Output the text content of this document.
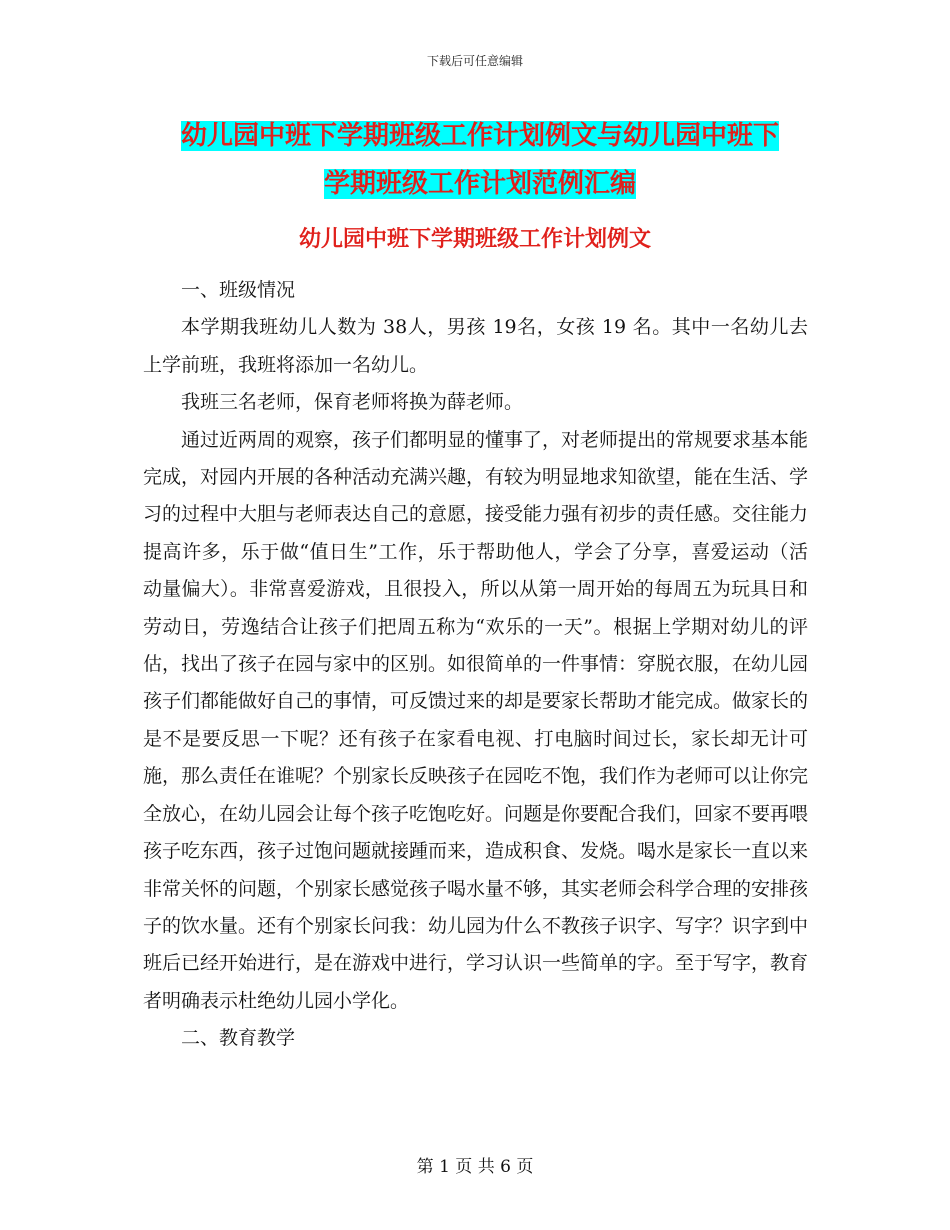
下载后可任意编辑
幼儿园中班下学期班级工作计划例文与幼儿园中班下
学期班级工作计划范例汇编
幼儿园中班下学期班级工作计划例文

一、班级情况

本学期我班幼儿人数为 38人，男孩 19名，女孩 19 名。其中一名幼儿去上学前班，我班将添加一名幼儿。

我班三名老师，保育老师将换为薛老师。

通过近两周的观察，孩子们都明显的懂事了，对老师提出的常规要求基本能完成，对园内开展的各种活动充满兴趣，有较为明显地求知欲望，能在生活、学习的过程中大胆与老师表达自己的意愿，接受能力强有初步的责任感。交往能力提高许多，乐于做“值日生”工作，乐于帮助他人，学会了分享，喜爱运动（活动量偏大）。非常喜爱游戏，且很投入，所以从第一周开始的每周五为玩具日和劳动日，劳逸结合让孩子们把周五称为“欢乐的一天”。根据上学期对幼儿的评估，找出了孩子在园与家中的区别。如很简单的一件事情：穿脱衣服，在幼儿园孩子们都能做好自己的事情，可反馈过来的却是要家长帮助才能完成。做家长的是不是要反思一下呢？还有孩子在家看电视、打电脑时间过长，家长却无计可施，那么责任在谁呢？个别家长反映孩子在园吃不饱，我们作为老师可以让你完全放心，在幼儿园会让每个孩子吃饱吃好。问题是你要配合我们，回家不要再喂孩子吃东西，孩子过饱问题就接踵而来，造成积食、发烧。喝水是家长一直以来非常关怀的问题，个别家长感觉孩子喝水量不够，其实老师会科学合理的安排孩子的饮水量。还有个别家长问我：幼儿园为什么不教孩子识字、写字？识字到中班后已经开始进行，是在游戏中进行，学习认识一些简单的字。至于写字，教育者明确表示杜绝幼儿园小学化。

二、教育教学

第 1 页 共 6 页
